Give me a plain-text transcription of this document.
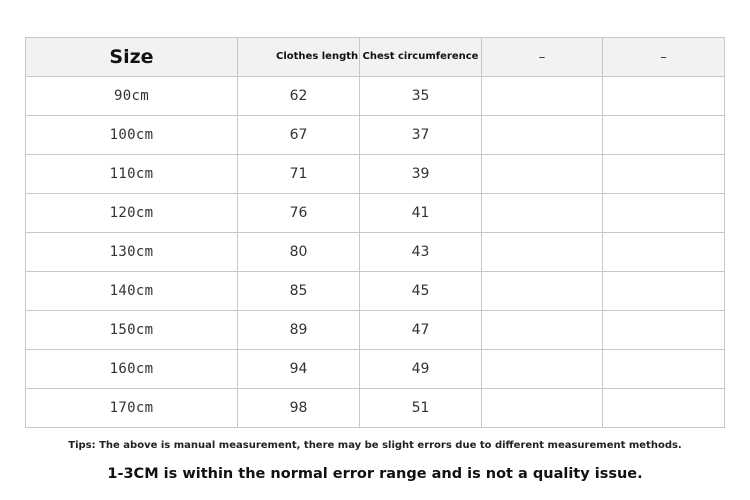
Size	Clothes length	Chest circumference	–	–
90cm	62	35		
100cm	67	37		
110cm	71	39		
120cm	76	41		
130cm	80	43		
140cm	85	45		
150cm	89	47		
160cm	94	49		
170cm	98	51		
Tips: The above is manual measurement, there may be slight errors due to different measurement methods.
1-3CM is within the normal error range and is not a quality issue.
